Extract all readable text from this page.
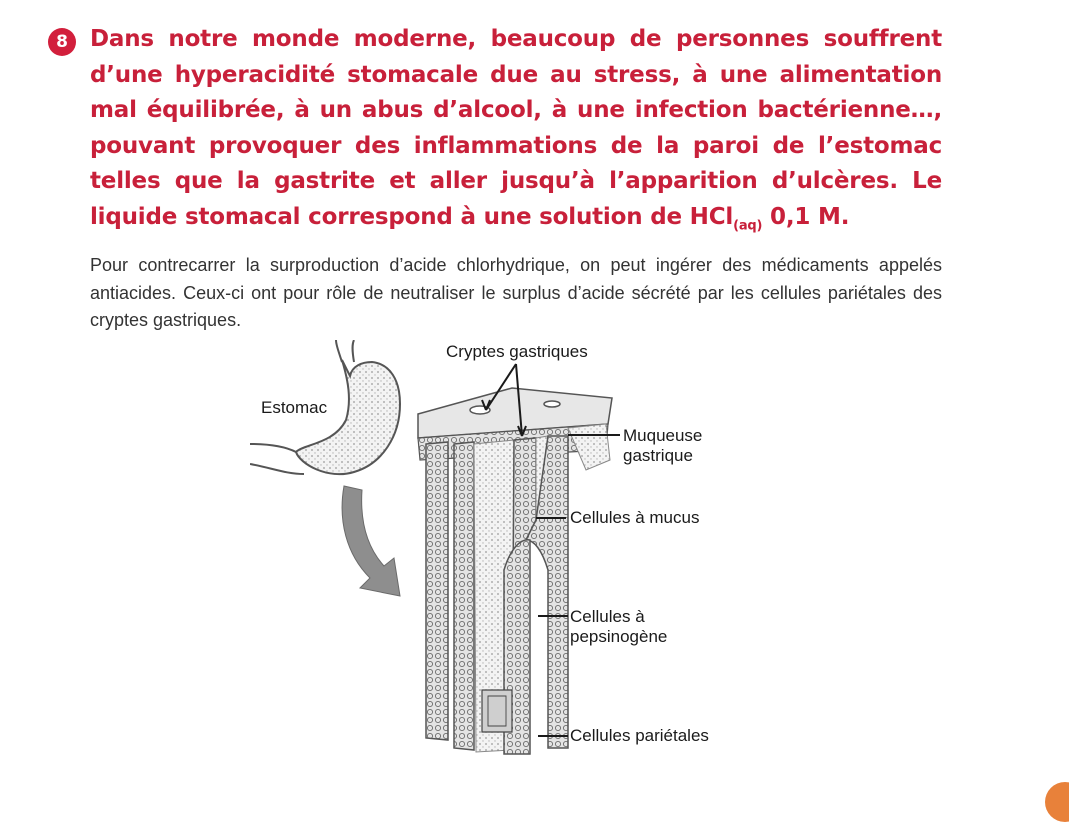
8 Dans notre monde moderne, beaucoup de personnes souffrent d’une hyperacidité stomacale due au stress, à une alimentation mal équilibrée, à un abus d’alcool, à une infection bactérienne…, pouvant provoquer des inflammations de la paroi de l’estomac telles que la gastrite et aller jusqu’à l’apparition d’ulcères. Le liquide stomacal correspond à une solution de HCl$_{(aq)}$ 0,1 M.

Pour contrecarrer la surproduction d’acide chlorhydrique, on peut ingérer des médicaments appelés antiacides. Ceux-ci ont pour rôle de neutraliser le surplus d’acide sécrété par les cellules pariétales des cryptes gastriques.

Cryptes gastriques
Estomac
Muqueuse
gastrique
Cellules à mucus
Cellules à
pepsinogène
Cellules pariétales
